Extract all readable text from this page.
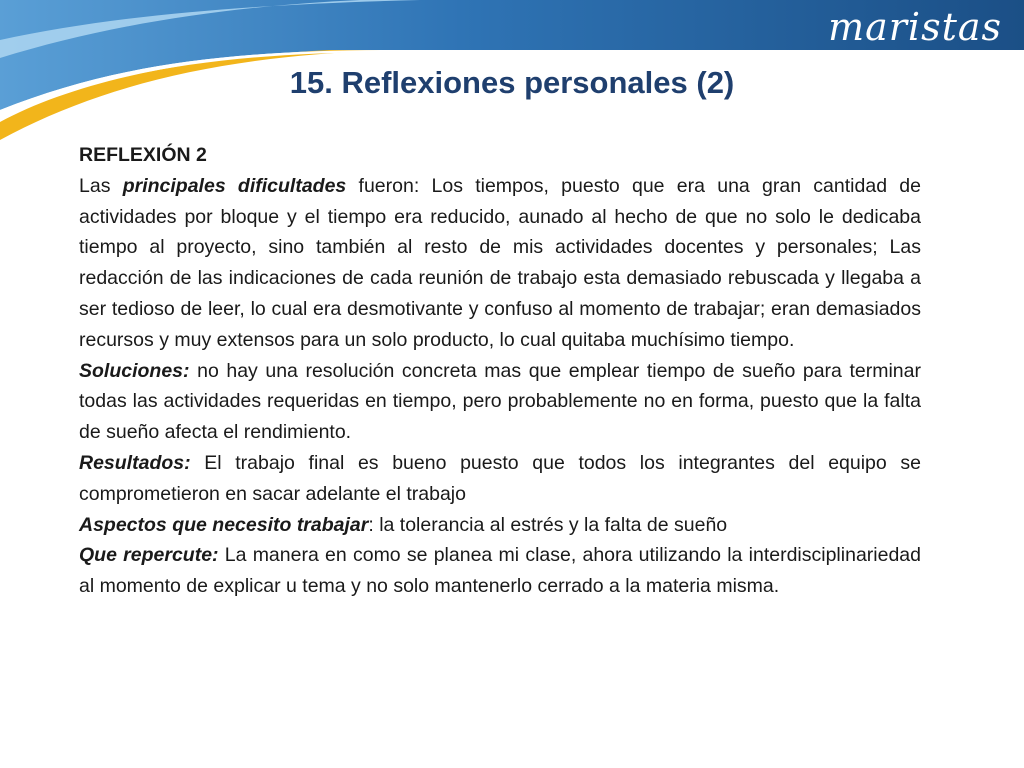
maristas
15. Reflexiones personales (2)

REFLEXIÓN 2

Las principales dificultades fueron: Los tiempos, puesto que era una gran cantidad de actividades por bloque y el tiempo era reducido, aunado al hecho de que no solo le dedicaba tiempo al proyecto, sino también al resto de mis actividades docentes y personales; Las redacción de las indicaciones de cada reunión de trabajo esta demasiado rebuscada y llegaba a ser tedioso de leer, lo cual era desmotivante y confuso al momento de trabajar; eran demasiados recursos y muy extensos para un solo producto, lo cual quitaba muchísimo tiempo.

Soluciones: no hay una resolución concreta mas que emplear tiempo de sueño para terminar todas las actividades requeridas en tiempo, pero probablemente no en forma, puesto que la falta de sueño afecta el rendimiento.

Resultados: El trabajo final es bueno puesto que todos los integrantes del equipo se comprometieron en sacar adelante el trabajo

Aspectos que necesito trabajar: la tolerancia al estrés y la falta de sueño

Que repercute: La manera en como se planea mi clase, ahora utilizando la interdisciplinariedad al momento de explicar u tema y no solo mantenerlo cerrado a la materia misma.
